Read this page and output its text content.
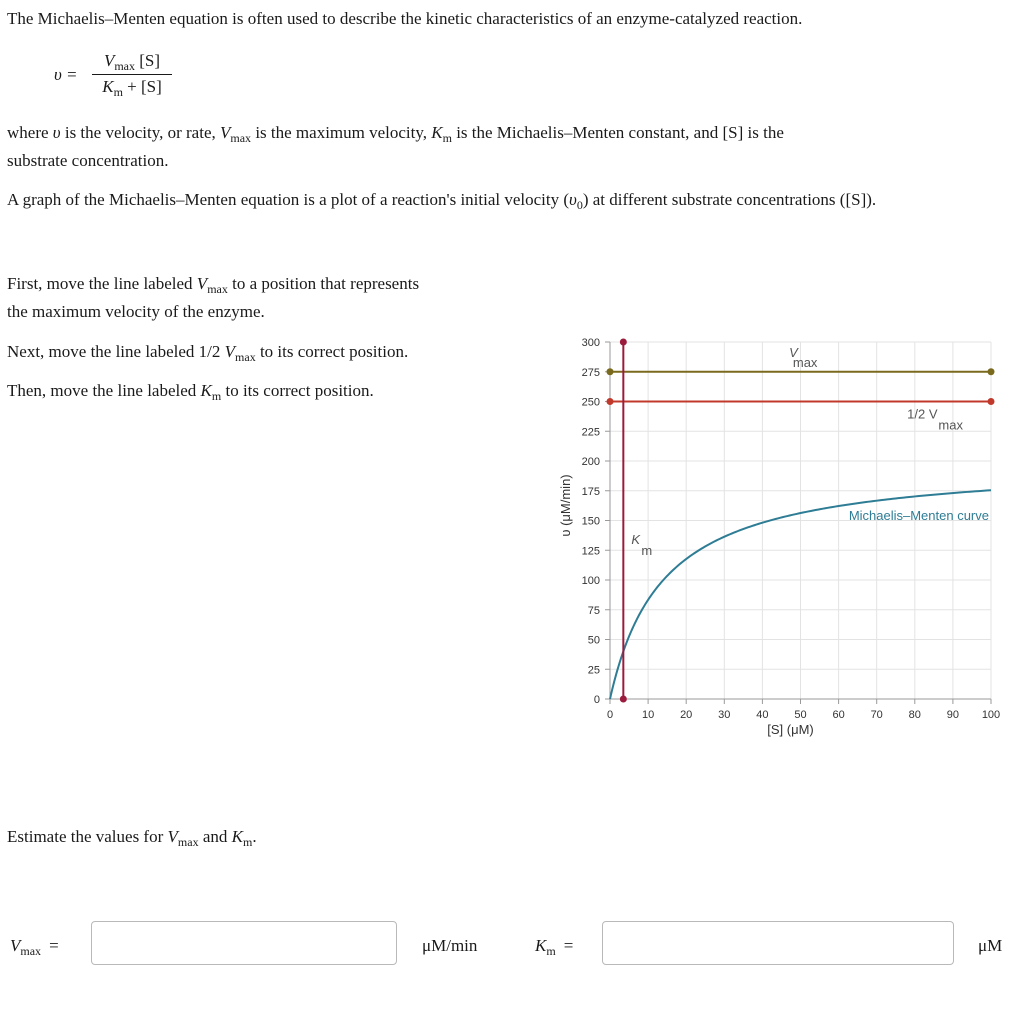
The Michaelis–Menten equation is often used to describe the kinetic characteristics of an enzyme-catalyzed reaction.
υ =
$V_{max}$ [S]
$K_m + [S]$
where υ is the velocity, or rate, $V_{max}$ is the maximum velocity, $K_m$ is the Michaelis–Menten constant, and [S] is the
substrate concentration.
A graph of the Michaelis–Menten equation is a plot of a reaction's initial velocity $(\upsilon_0)$ at different substrate concentrations ([S]).
First, move the line labeled $V_{max}$ to a position that represents
the maximum velocity of the enzyme.
Next, move the line labeled 1/2 $V_{max}$ to its correct position.
Then, move the line labeled $K_m$ to its correct position.
0
25
50
75
100
125
150
175
200
225
250
275
300
0	10 20 30 40 50 60 70 80 90 100
[S] (μM)
υ (μM/min)	Michaelis–Menten curve
V
max
1/2 V
max
K
m
Estimate the values for $V_{max}$ and $K_m$.
$V_{max}$ =	μM/min	$K_m$ =	μM
